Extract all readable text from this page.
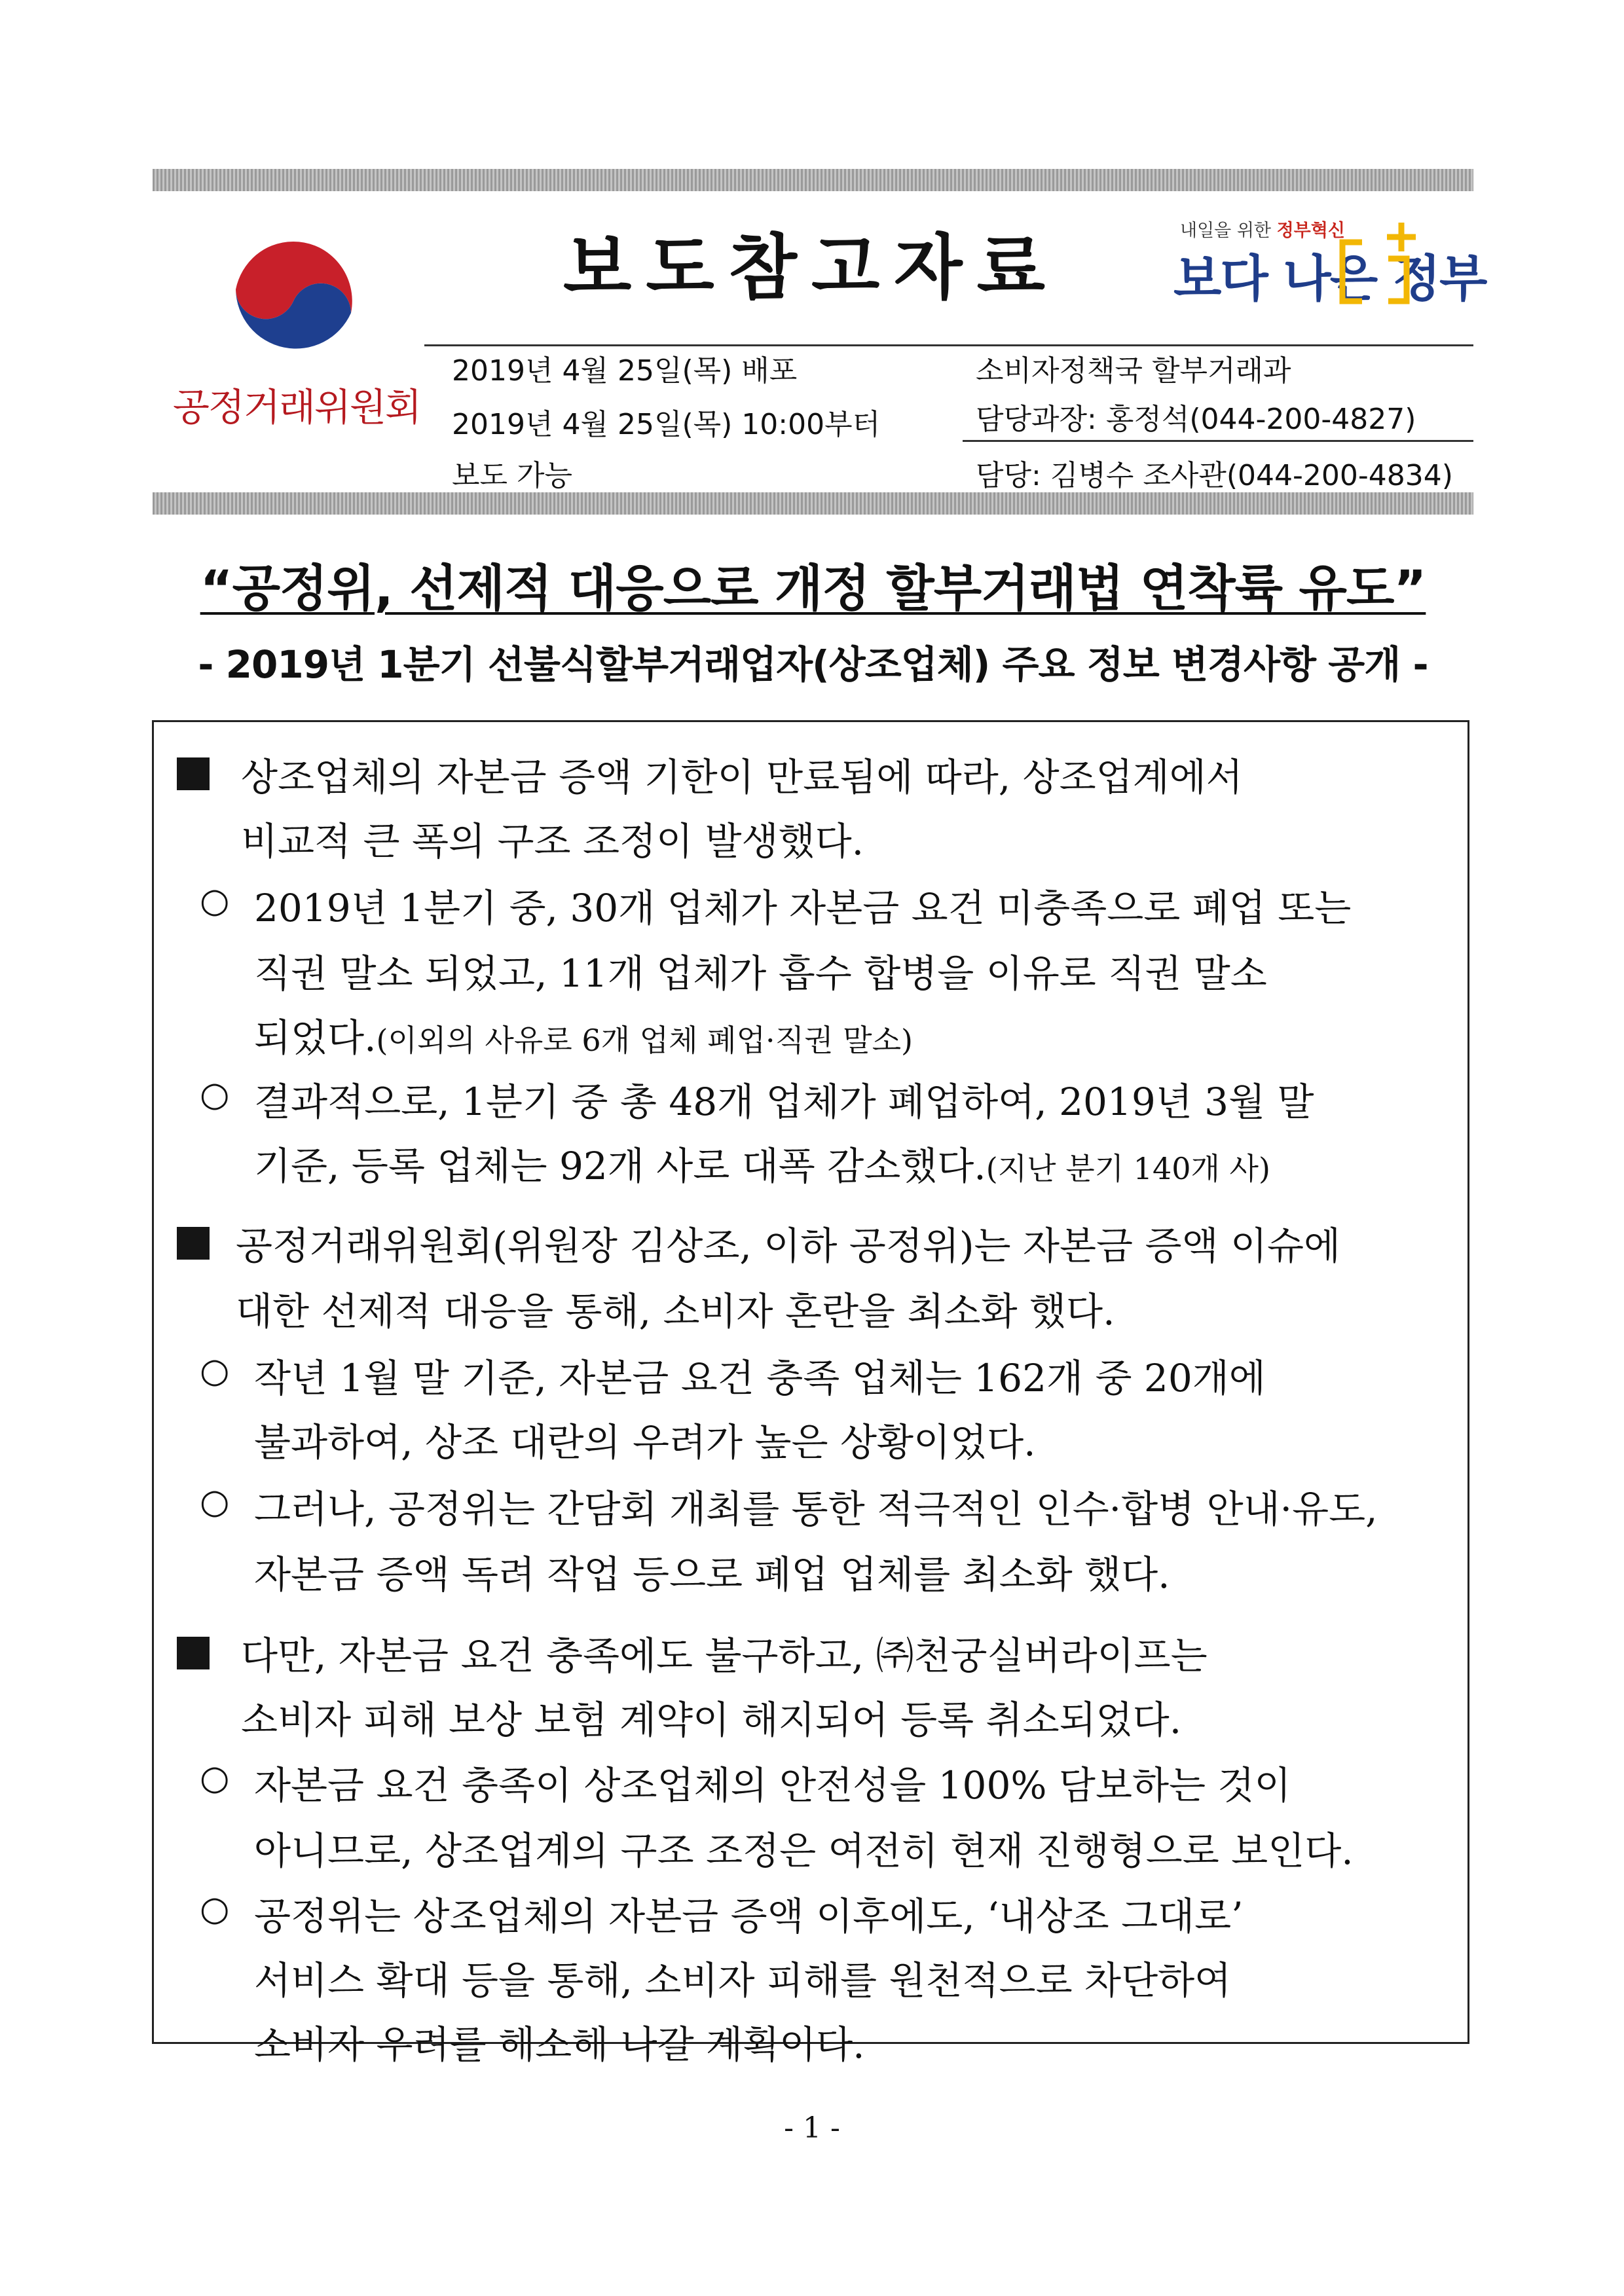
공정거래위원회
보도참고자료	내일을 위한 정부혁신
보다 나은 정부
2019년 4월 25일(목) 배포
2019년 4월 25일(목) 10:00부터
보도 가능
소비자정책국 할부거래과
담당과장: 홍정석(044-200-4827)
담당: 김병수 조사관(044-200-4834)
“공정위, 선제적 대응으로 개정 할부거래법 연착륙 유도”
- 2019년 1분기 선불식할부거래업자(상조업체) 주요 정보 변경사항 공개 -
상조업체의 자본금 증액 기한이 만료됨에 따라, 상조업계에서
비교적 큰 폭의 구조 조정이 발생했다.
○ 2019년 1분기 중, 30개 업체가 자본금 요건 미충족으로 폐업 또는
직권 말소 되었고, 11개 업체가 흡수 합병을 이유로 직권 말소
되었다.(이외의 사유로 6개 업체 폐업·직권 말소)
○ 결과적으로, 1분기 중 총 48개 업체가 폐업하여, 2019년 3월 말
기준, 등록 업체는 92개 사로 대폭 감소했다.(지난 분기 140개 사)
공정거래위원회(위원장 김상조, 이하 공정위)는 자본금 증액 이슈에
대한 선제적 대응을 통해, 소비자 혼란을 최소화 했다.
○ 작년 1월 말 기준, 자본금 요건 충족 업체는 162개 중 20개에
불과하여, 상조 대란의 우려가 높은 상황이었다.
○ 그러나, 공정위는 간담회 개최를 통한 적극적인 인수·합병 안내·유도,
자본금 증액 독려 작업 등으로 폐업 업체를 최소화 했다.
다만, 자본금 요건 충족에도 불구하고, ㈜천궁실버라이프는
소비자 피해 보상 보험 계약이 해지되어 등록 취소되었다.
○ 자본금 요건 충족이 상조업체의 안전성을 100% 담보하는 것이
아니므로, 상조업계의 구조 조정은 여전히 현재 진행형으로 보인다.
○ 공정위는 상조업체의 자본금 증액 이후에도, ‘내상조 그대로’
서비스 확대 등을 통해, 소비자 피해를 원천적으로 차단하여
소비자 우려를 해소해 나갈 계획이다.
- 1 -
